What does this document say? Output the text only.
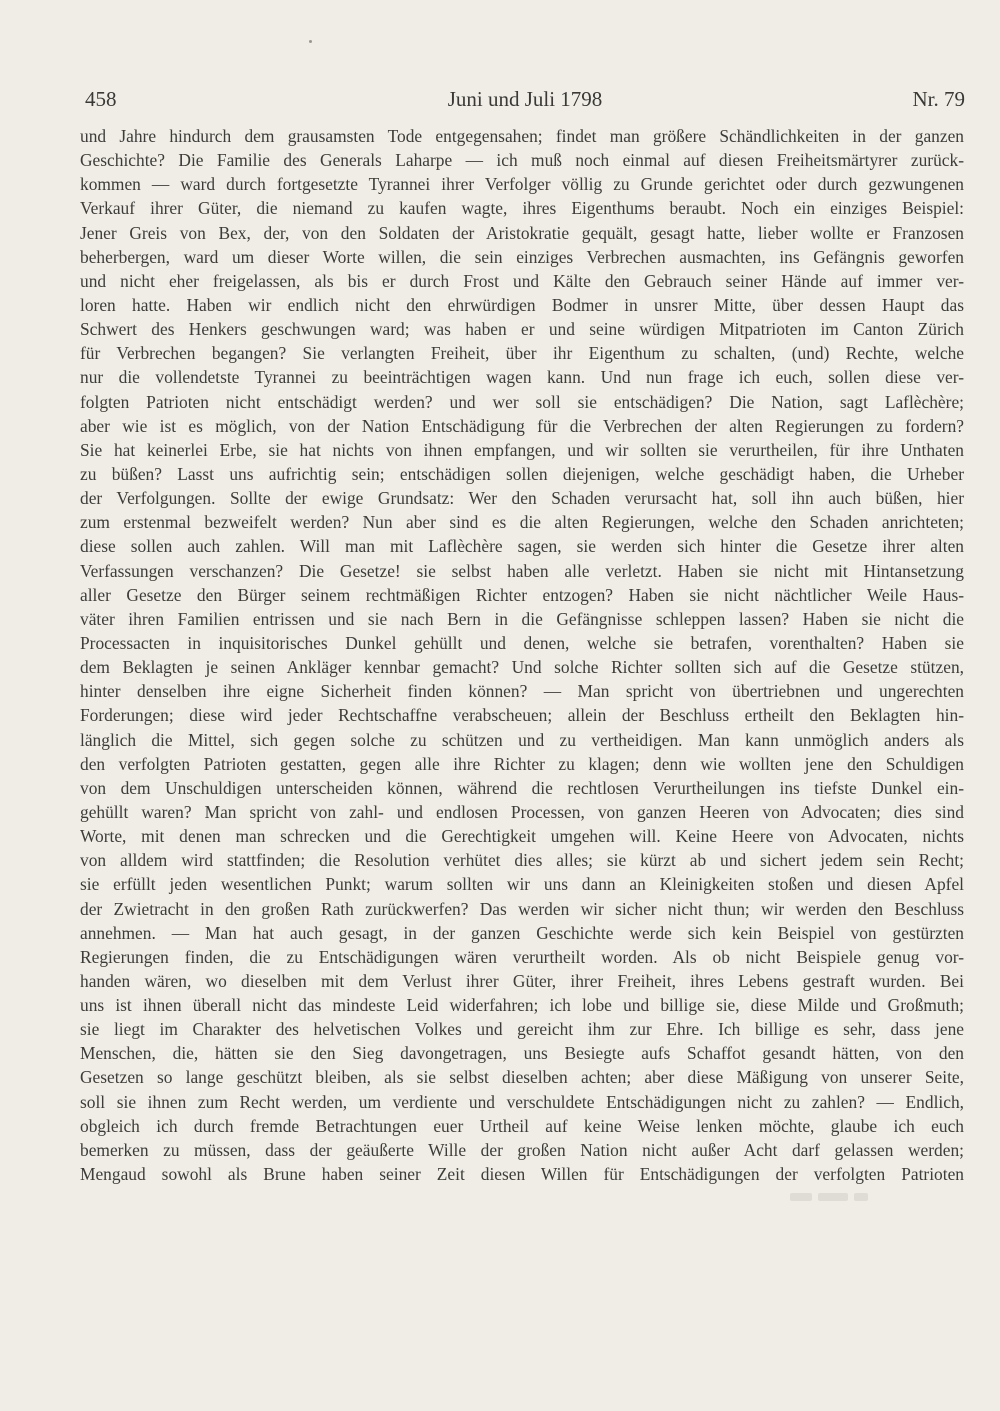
458	Juni und Juli 1798	Nr. 79
und Jahre hindurch dem grausamsten Tode entgegensahen; findet man größere Schändlichkeiten in der ganzen
Geschichte? Die Familie des Generals Laharpe — ich muß noch einmal auf diesen Freiheitsmärtyrer zurück-
kommen — ward durch fortgesetzte Tyrannei ihrer Verfolger völlig zu Grunde gerichtet oder durch gezwungenen
Verkauf ihrer Güter, die niemand zu kaufen wagte, ihres Eigenthums beraubt. Noch ein einziges Beispiel:
Jener Greis von Bex, der, von den Soldaten der Aristokratie gequält, gesagt hatte, lieber wollte er Franzosen
beherbergen, ward um dieser Worte willen, die sein einziges Verbrechen ausmachten, ins Gefängnis geworfen
und nicht eher freigelassen, als bis er durch Frost und Kälte den Gebrauch seiner Hände auf immer ver-
loren hatte. Haben wir endlich nicht den ehrwürdigen Bodmer in unsrer Mitte, über dessen Haupt das
Schwert des Henkers geschwungen ward; was haben er und seine würdigen Mitpatrioten im Canton Zürich
für Verbrechen begangen? Sie verlangten Freiheit, über ihr Eigenthum zu schalten, (und) Rechte, welche
nur die vollendetste Tyrannei zu beeinträchtigen wagen kann. Und nun frage ich euch, sollen diese ver-
folgten Patrioten nicht entschädigt werden? und wer soll sie entschädigen? Die Nation, sagt Laflèchère;
aber wie ist es möglich, von der Nation Entschädigung für die Verbrechen der alten Regierungen zu fordern?
Sie hat keinerlei Erbe, sie hat nichts von ihnen empfangen, und wir sollten sie verurtheilen, für ihre Unthaten
zu büßen? Lasst uns aufrichtig sein; entschädigen sollen diejenigen, welche geschädigt haben, die Urheber
der Verfolgungen. Sollte der ewige Grundsatz: Wer den Schaden verursacht hat, soll ihn auch büßen, hier
zum erstenmal bezweifelt werden? Nun aber sind es die alten Regierungen, welche den Schaden anrichteten;
diese sollen auch zahlen. Will man mit Laflèchère sagen, sie werden sich hinter die Gesetze ihrer alten
Verfassungen verschanzen? Die Gesetze! sie selbst haben alle verletzt. Haben sie nicht mit Hintansetzung
aller Gesetze den Bürger seinem rechtmäßigen Richter entzogen? Haben sie nicht nächtlicher Weile Haus-
väter ihren Familien entrissen und sie nach Bern in die Gefängnisse schleppen lassen? Haben sie nicht die
Processacten in inquisitorisches Dunkel gehüllt und denen, welche sie betrafen, vorenthalten? Haben sie
dem Beklagten je seinen Ankläger kennbar gemacht? Und solche Richter sollten sich auf die Gesetze stützen,
hinter denselben ihre eigne Sicherheit finden können? — Man spricht von übertriebnen und ungerechten
Forderungen; diese wird jeder Rechtschaffne verabscheuen; allein der Beschluss ertheilt den Beklagten hin-
länglich die Mittel, sich gegen solche zu schützen und zu vertheidigen. Man kann unmöglich anders als
den verfolgten Patrioten gestatten, gegen alle ihre Richter zu klagen; denn wie wollten jene den Schuldigen
von dem Unschuldigen unterscheiden können, während die rechtlosen Verurtheilungen ins tiefste Dunkel ein-
gehüllt waren? Man spricht von zahl- und endlosen Processen, von ganzen Heeren von Advocaten; dies sind
Worte, mit denen man schrecken und die Gerechtigkeit umgehen will. Keine Heere von Advocaten, nichts
von alldem wird stattfinden; die Resolution verhütet dies alles; sie kürzt ab und sichert jedem sein Recht;
sie erfüllt jeden wesentlichen Punkt; warum sollten wir uns dann an Kleinigkeiten stoßen und diesen Apfel
der Zwietracht in den großen Rath zurückwerfen? Das werden wir sicher nicht thun; wir werden den Beschluss
annehmen. — Man hat auch gesagt, in der ganzen Geschichte werde sich kein Beispiel von gestürzten
Regierungen finden, die zu Entschädigungen wären verurtheilt worden. Als ob nicht Beispiele genug vor-
handen wären, wo dieselben mit dem Verlust ihrer Güter, ihrer Freiheit, ihres Lebens gestraft wurden. Bei
uns ist ihnen überall nicht das mindeste Leid widerfahren; ich lobe und billige sie, diese Milde und Großmuth;
sie liegt im Charakter des helvetischen Volkes und gereicht ihm zur Ehre. Ich billige es sehr, dass jene
Menschen, die, hätten sie den Sieg davongetragen, uns Besiegte aufs Schaffot gesandt hätten, von den
Gesetzen so lange geschützt bleiben, als sie selbst dieselben achten; aber diese Mäßigung von unserer Seite,
soll sie ihnen zum Recht werden, um verdiente und verschuldete Entschädigungen nicht zu zahlen? — Endlich,
obgleich ich durch fremde Betrachtungen euer Urtheil auf keine Weise lenken möchte, glaube ich euch
bemerken zu müssen, dass der geäußerte Wille der großen Nation nicht außer Acht darf gelassen werden;
Mengaud sowohl als Brune haben seiner Zeit diesen Willen für Entschädigungen der verfolgten Patrioten
